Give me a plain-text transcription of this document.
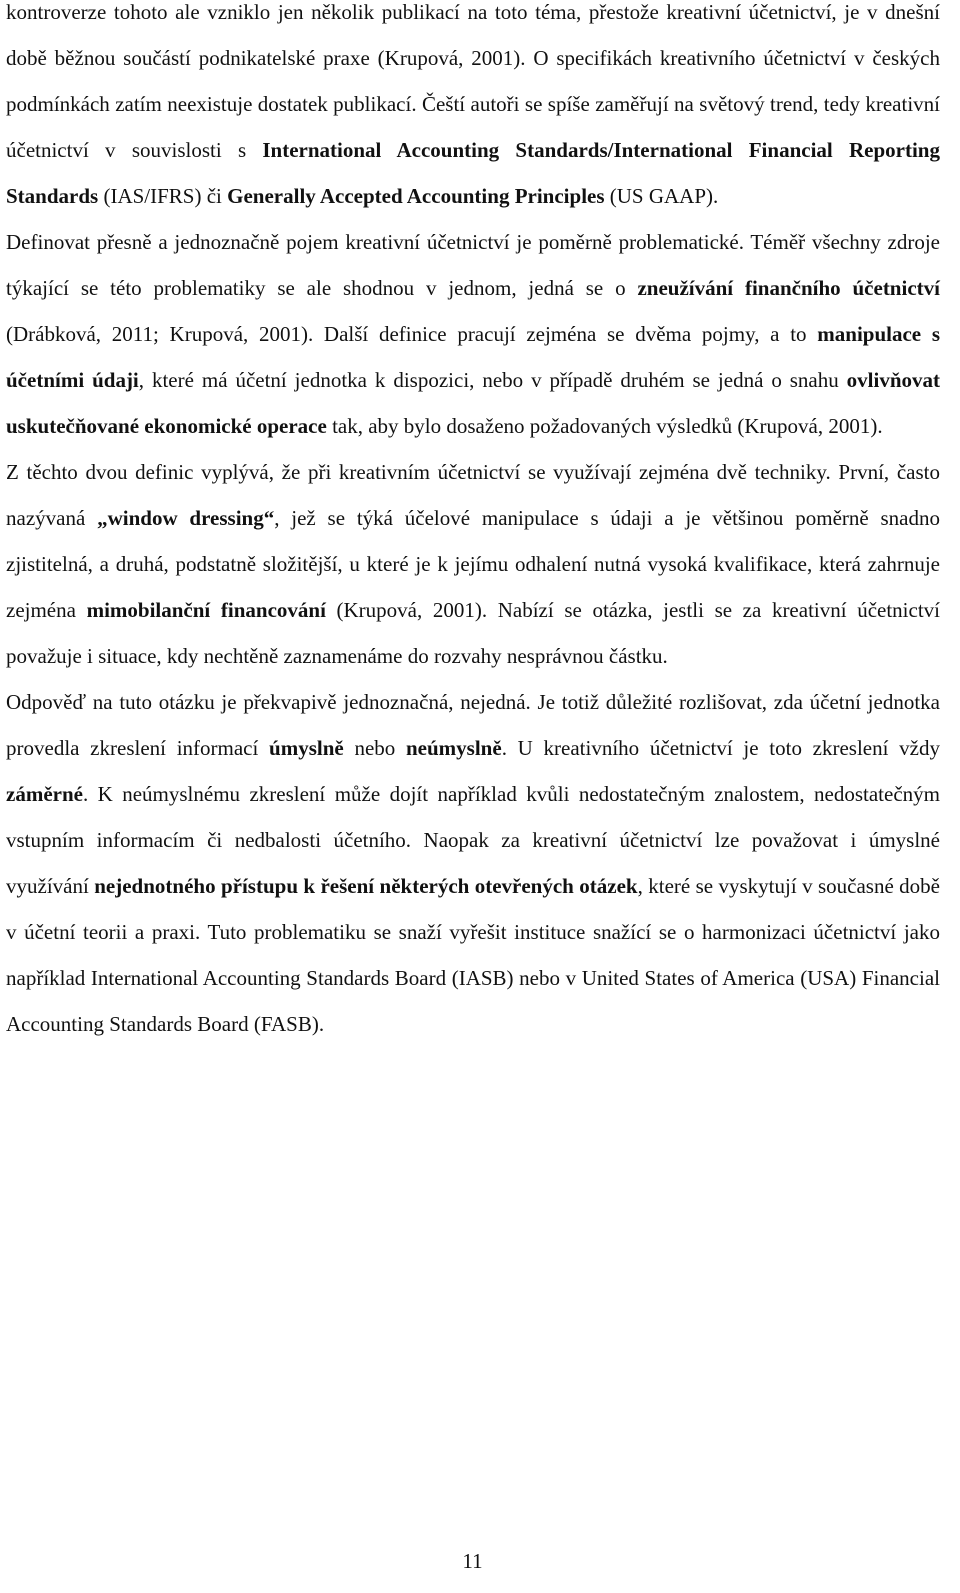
kontroverze tohoto ale vzniklo jen několik publikací na toto téma, přestože kreativní účetnictví, je v dnešní době běžnou součástí podnikatelské praxe (Krupová, 2001). O specifikách kreativního účetnictví v českých podmínkách zatím neexistuje dostatek publikací. Čeští autoři se spíše zaměřují na světový trend, tedy kreativní účetnictví v souvislosti s International Accounting Standards/International Financial Reporting Standards (IAS/IFRS) či Generally Accepted Accounting Principles (US GAAP).

Definovat přesně a jednoznačně pojem kreativní účetnictví je poměrně problematické. Téměř všechny zdroje týkající se této problematiky se ale shodnou v jednom, jedná se o zneužívání finančního účetnictví (Drábková, 2011; Krupová, 2001). Další definice pracují zejména se dvěma pojmy, a to manipulace s účetními údaji, které má účetní jednotka k dispozici, nebo v případě druhém se jedná o snahu ovlivňovat uskutečňované ekonomické operace tak, aby bylo dosaženo požadovaných výsledků (Krupová, 2001).

Z těchto dvou definic vyplývá, že při kreativním účetnictví se využívají zejména dvě techniky. První, často nazývaná „window dressing“, jež se týká účelové manipulace s údaji a je většinou poměrně snadno zjistitelná, a druhá, podstatně složitější, u které je k jejímu odhalení nutná vysoká kvalifikace, která zahrnuje zejména mimobilanční financování (Krupová, 2001). Nabízí se otázka, jestli se za kreativní účetnictví považuje i situace, kdy nechtěně zaznamenáme do rozvahy nesprávnou částku.

Odpověď na tuto otázku je překvapivě jednoznačná, nejedná. Je totiž důležité rozlišovat, zda účetní jednotka provedla zkreslení informací úmyslně nebo neúmyslně. U kreativního účetnictví je toto zkreslení vždy záměrné. K neúmyslnému zkreslení může dojít například kvůli nedostatečným znalostem, nedostatečným vstupním informacím či nedbalosti účetního. Naopak za kreativní účetnictví lze považovat i úmyslné využívání nejednotného přístupu k řešení některých otevřených otázek, které se vyskytují v současné době v účetní teorii a praxi. Tuto problematiku se snaží vyřešit instituce snažící se o harmonizaci účetnictví jako například International Accounting Standards Board (IASB) nebo v United States of America (USA) Financial Accounting Standards Board (FASB).

11
